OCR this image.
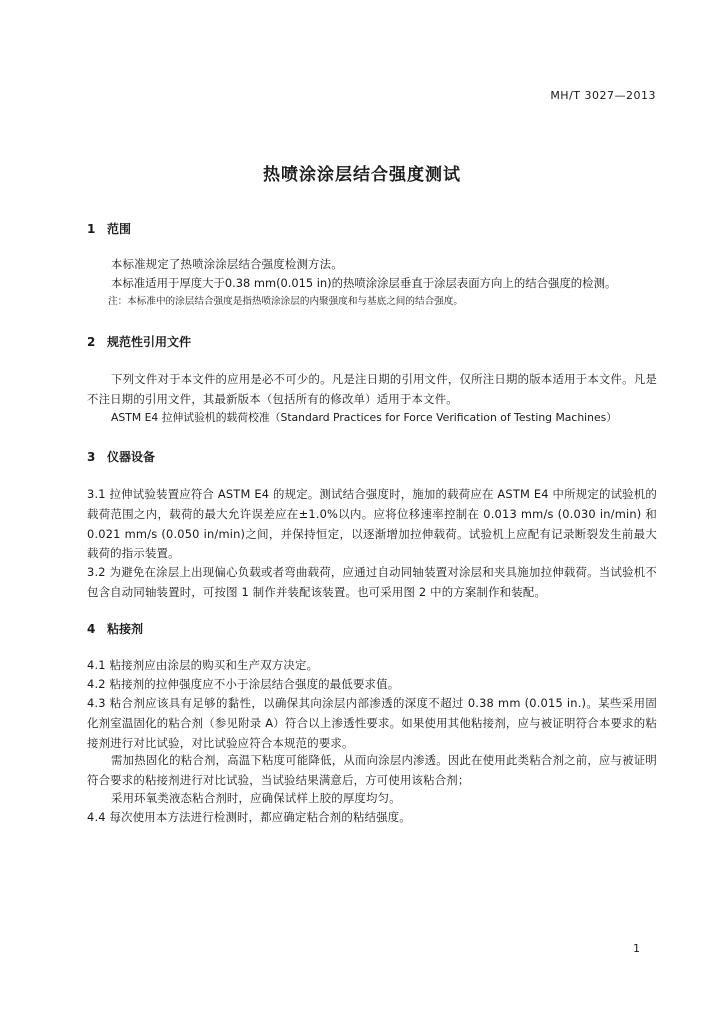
MH/T 3027—2013
热喷涂涂层结合强度测试
1 范围
本标准规定了热喷涂涂层结合强度检测方法。
本标准适用于厚度大于0.38 mm(0.015 in)的热喷涂涂层垂直于涂层表面方向上的结合强度的检测。
注：本标准中的涂层结合强度是指热喷涂涂层的内聚强度和与基底之间的结合强度。
2 规范性引用文件
下列文件对于本文件的应用是必不可少的。凡是注日期的引用文件，仅所注日期的版本适用于本文件。凡是不注日期的引用文件，其最新版本（包括所有的修改单）适用于本文件。
ASTM E4 拉伸试验机的载荷校准（Standard Practices for Force Verification of Testing Machines）
3 仪器设备
3.1 拉伸试验装置应符合 ASTM E4 的规定。测试结合强度时，施加的载荷应在 ASTM E4 中所规定的试验机的载荷范围之内，载荷的最大允许误差应在±1.0%以内。应将位移速率控制在 0.013 mm/s (0.030 in/min) 和 0.021 mm/s (0.050 in/min)之间，并保持恒定，以逐渐增加拉伸载荷。试验机上应配有记录断裂发生前最大载荷的指示装置。
3.2 为避免在涂层上出现偏心负载或者弯曲载荷，应通过自动同轴装置对涂层和夹具施加拉伸载荷。当试验机不包含自动同轴装置时，可按图 1 制作并装配该装置。也可采用图 2 中的方案制作和装配。
4 粘接剂
4.1 粘接剂应由涂层的购买和生产双方决定。
4.2 粘接剂的拉伸强度应不小于涂层结合强度的最低要求值。
4.3 粘合剂应该具有足够的黏性，以确保其向涂层内部渗透的深度不超过 0.38 mm (0.015 in.)。某些采用固化剂室温固化的粘合剂（参见附录 A）符合以上渗透性要求。如果使用其他粘接剂，应与被证明符合本要求的粘接剂进行对比试验，对比试验应符合本规范的要求。
需加热固化的粘合剂，高温下粘度可能降低，从而向涂层内渗透。因此在使用此类粘合剂之前，应与被证明符合要求的粘接剂进行对比试验，当试验结果满意后，方可使用该粘合剂；
采用环氧类液态粘合剂时，应确保试样上胶的厚度均匀。
4.4 每次使用本方法进行检测时，都应确定粘合剂的粘结强度。
1
